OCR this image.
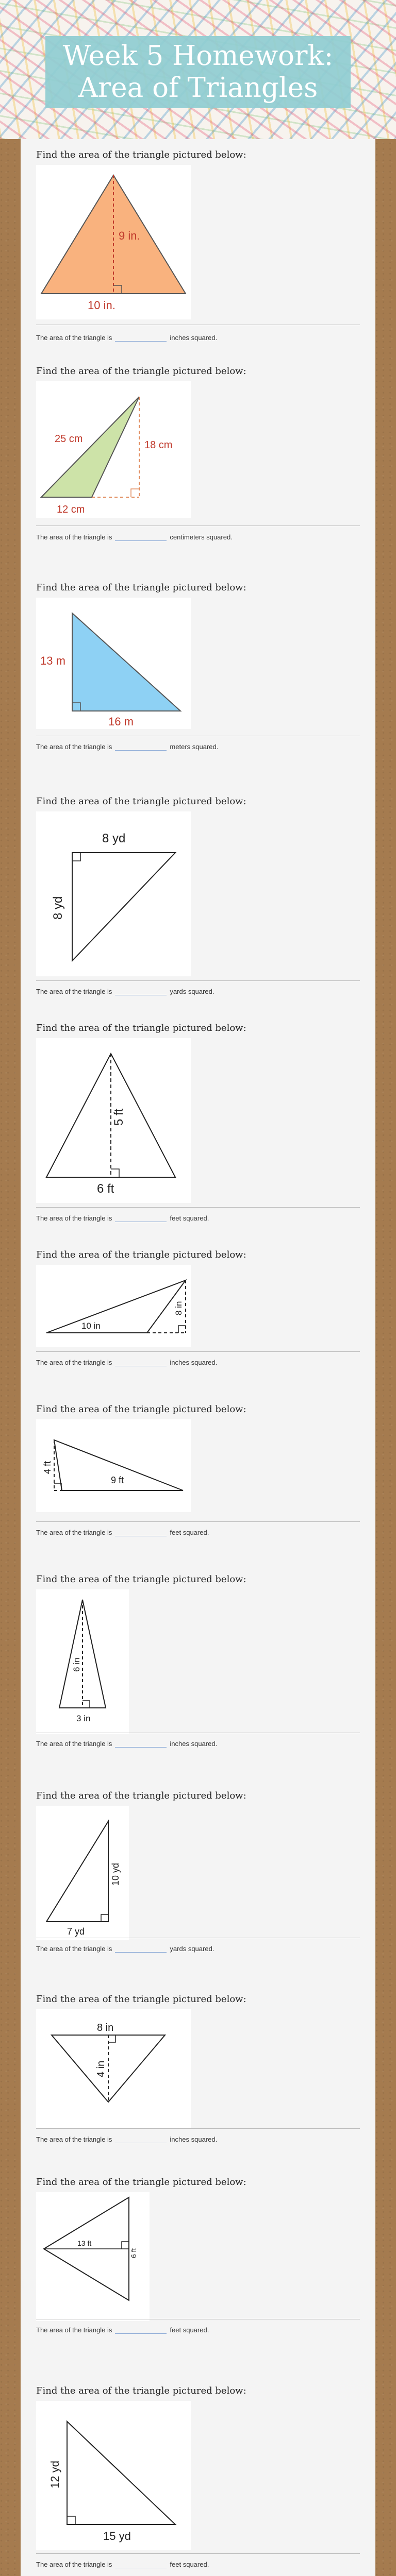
Week 5 Homework:
Area of Triangles
Find the area of the triangle pictured below:
9 in.
10 in.
The area of the triangle is	inches squared.
Find the area of the triangle pictured below:
25 cm
18 cm
12 cm
The area of the triangle is	centimeters squared.
Find the area of the triangle pictured below:
13 m
16 m
The area of the triangle is	meters squared.
Find the area of the triangle pictured below:
8 yd
8 yd
The area of the triangle is	yards squared.
Find the area of the triangle pictured below:
5 ft
6 ft
The area of the triangle is	feet squared.
Find the area of the triangle pictured below:
10 in
8 in
The area of the triangle is	inches squared.
Find the area of the triangle pictured below:
4 ft
9 ft
The area of the triangle is	feet squared.
Find the area of the triangle pictured below:
6 in
3 in
The area of the triangle is	inches squared.
Find the area of the triangle pictured below:
10 yd
7 yd
The area of the triangle is	yards squared.
Find the area of the triangle pictured below:
8 in
4 in
The area of the triangle is	inches squared.
Find the area of the triangle pictured below:
13 ft
6 ft
The area of the triangle is	feet squared.
Find the area of the triangle pictured below:
12 yd
15 yd
The area of the triangle is	feet squared.
